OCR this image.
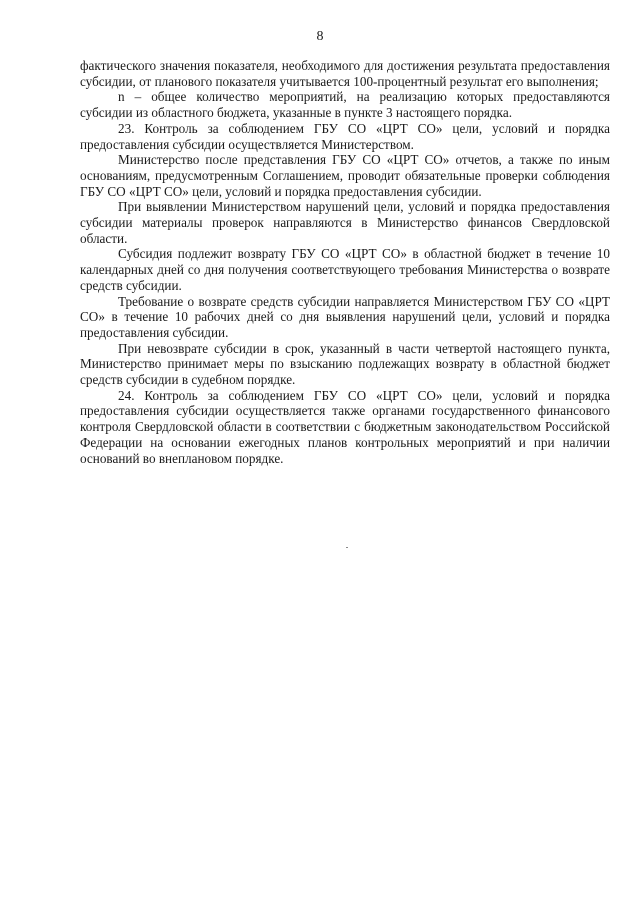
8

фактического значения показателя, необходимого для достижения результата предоставления субсидии, от планового показателя учитывается 100-процентный результат его выполнения;

n – общее количество мероприятий, на реализацию которых предоставляются субсидии из областного бюджета, указанные в пункте 3 настоящего порядка.

23. Контроль за соблюдением ГБУ СО «ЦРТ СО» цели, условий и порядка предоставления субсидии осуществляется Министерством.

Министерство после представления ГБУ СО «ЦРТ СО» отчетов, а также по иным основаниям, предусмотренным Соглашением, проводит обязательные проверки соблюдения ГБУ СО «ЦРТ СО» цели, условий и порядка предоставления субсидии.

При выявлении Министерством нарушений цели, условий и порядка предоставления субсидии материалы проверок направляются в Министерство финансов Свердловской области.

Субсидия подлежит возврату ГБУ СО «ЦРТ СО» в областной бюджет в течение 10 календарных дней со дня получения соответствующего требования Министерства о возврате средств субсидии.

Требование о возврате средств субсидии направляется Министерством ГБУ СО «ЦРТ СО» в течение 10 рабочих дней со дня выявления нарушений цели, условий и порядка предоставления субсидии.

При невозврате субсидии в срок, указанный в части четвертой настоящего пункта, Министерство принимает меры по взысканию подлежащих возврату в областной бюджет средств субсидии в судебном порядке.

24. Контроль за соблюдением ГБУ СО «ЦРТ СО» цели, условий и порядка предоставления субсидии осуществляется также органами государственного финансового контроля Свердловской области в соответствии с бюджетным законодательством Российской Федерации на основании ежегодных планов контрольных мероприятий и при наличии оснований во внеплановом порядке.
